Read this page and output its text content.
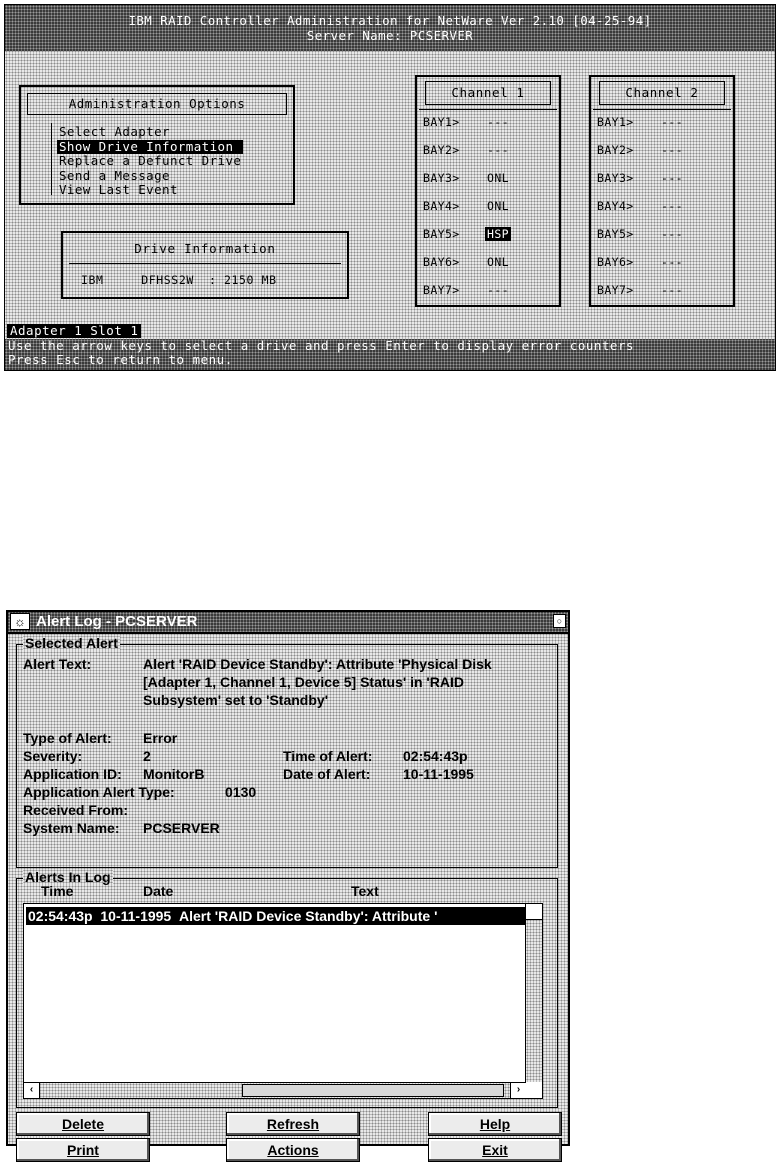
IBM RAID Controller Administration for NetWare Ver 2.10 [04-25-94]
Server Name: PCSERVER
Administration Options
Select Adapter
Show Drive Information
Replace a Defunct Drive
Send a Message
View Last Event
Drive Information
IBM	DFHSS2W : 2150 MB
Channel 1
BAY1> ---
BAY2> ---
BAY3> ONL
BAY4> ONL
BAY5> HSP
BAY6> ONL
BAY7> ---
Channel 2
BAY1> ---
BAY2> ---
BAY3> ---
BAY4> ---
BAY5> ---
BAY6> ---
BAY7> ---
Adapter 1 Slot 1
Use the arrow keys to select a drive and press Enter to display error counters
Press Esc to return to menu.
☼ Alert Log - PCSERVER	○
Selected Alert
Alert Text:	Alert 'RAID Device Standby': Attribute 'Physical Disk
[Adapter 1, Channel 1, Device 5] Status' in 'RAID
Subsystem' set to 'Standby'
Type of Alert: Error
Severity:	2	Time of Alert: 02:54:43p
Application ID: MonitorB	Date of Alert: 10-11-1995
Application Alert Type:	0130
Received From:
System Name: PCSERVER
Alerts In Log
Time	Date	Text
02:54:43p 10-11-1995 Alert 'RAID Device Standby': Attribute '
‹	›
Delete	Refresh	Help
Print	Actions	Exit
